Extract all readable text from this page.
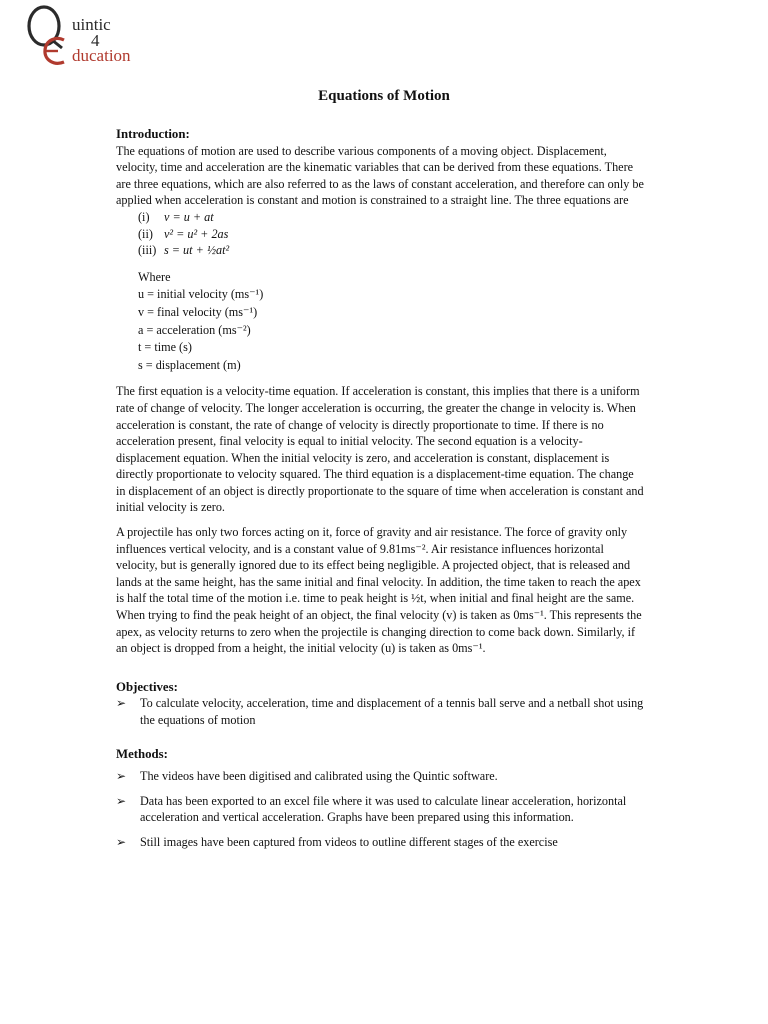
uintic
4
ducation
Equations of Motion

Introduction:

The equations of motion are used to describe various components of a moving object. Displacement, velocity, time and acceleration are the kinematic variables that can be derived from these equations. There are three equations, which are also referred to as the laws of constant acceleration, and therefore can only be applied when acceleration is constant and motion is constrained to a straight line. The three equations are

(i) v = u + at

(ii) v² = u² + 2as

(iii) s = ut + ½at²

Where

u = initial velocity (ms⁻¹)

v = final velocity (ms⁻¹)

a = acceleration (ms⁻²)

t = time (s)

s = displacement (m)

The first equation is a velocity-time equation. If acceleration is constant, this implies that there is a uniform rate of change of velocity. The longer acceleration is occurring, the greater the change in velocity is. When acceleration is constant, the rate of change of velocity is directly proportionate to time. If there is no acceleration present, final velocity is equal to initial velocity. The second equation is a velocity-displacement equation. When the initial velocity is zero, and acceleration is constant, displacement is directly proportionate to velocity squared. The third equation is a displacement-time equation. The change in displacement of an object is directly proportionate to the square of time when acceleration is constant and initial velocity is zero.

A projectile has only two forces acting on it, force of gravity and air resistance. The force of gravity only influences vertical velocity, and is a constant value of 9.81ms⁻². Air resistance influences horizontal velocity, but is generally ignored due to its effect being negligible. A projected object, that is released and lands at the same height, has the same initial and final velocity. In addition, the time taken to reach the apex is half the total time of the motion i.e. time to peak height is ½t, when initial and final height are the same. When trying to find the peak height of an object, the final velocity (v) is taken as 0ms⁻¹. This represents the apex, as velocity returns to zero when the projectile is changing direction to come back down. Similarly, if an object is dropped from a height, the initial velocity (u) is taken as 0ms⁻¹.

Objectives:

➢ To calculate velocity, acceleration, time and displacement of a tennis ball serve and a netball shot using the equations of motion

Methods:

➢ The videos have been digitised and calibrated using the Quintic software.
➢ Data has been exported to an excel file where it was used to calculate linear acceleration, horizontal acceleration and vertical acceleration. Graphs have been prepared using this information.
➢ Still images have been captured from videos to outline different stages of the exercise
